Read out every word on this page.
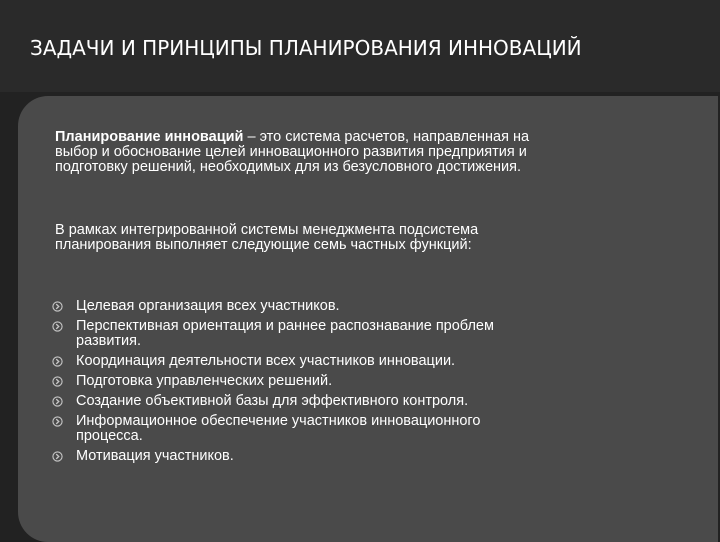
ЗАДАЧИ И ПРИНЦИПЫ ПЛАНИРОВАНИЯ ИННОВАЦИЙ
Планирование инноваций – это система расчетов, направленная на
выбор и обоснование целей инновационного развития предприятия и
подготовку решений, необходимых для из безусловного достижения.
В рамках интегрированной системы менеджмента подсистема
планирования выполняет следующие семь частных функций:
Целевая организация всех участников.
Перспективная ориентация и раннее распознавание проблем
развития.
Координация деятельности всех участников инновации.
Подготовка управленческих решений.
Создание объективной базы для эффективного контроля.
Информационное обеспечение участников инновационного
процесса.
Мотивация участников.
